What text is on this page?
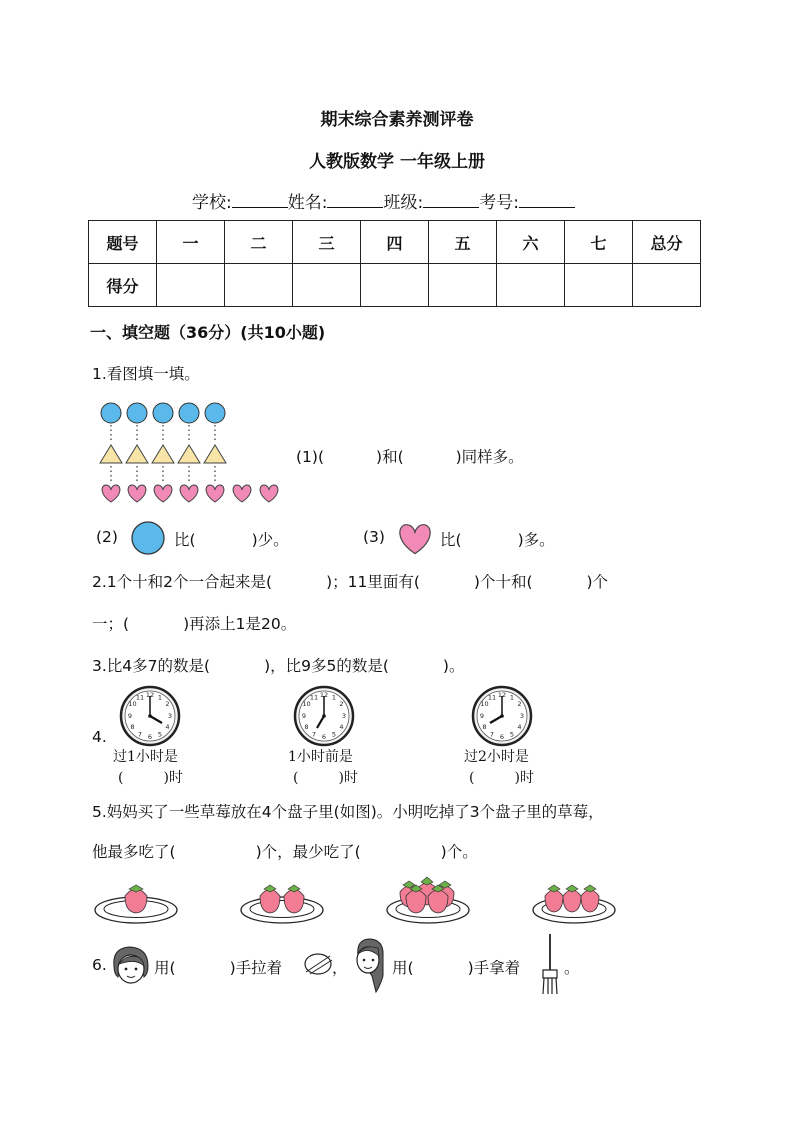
期末综合素养测评卷
人教版数学 一年级上册
学校:	姓名:	班级:	考号:
题号	一	二	三	四	五	六	七	总分
得分								
一、填空题（36分）(共10小题)
1.看图填一填。
(1)(	)和(	)同样多。
(2)	比(	)少。	(3)	比(	)多。
2.1个十和2个一合起来是(	)；11里面有(	)个十和(	)个
一；(	)再添上1是20。
3.比4多7的数是(	)，比9多5的数是(	)。
4.
12 1
2
3
4
5
6
7
8
9
10
11	12 1
2
3
4
5
6
7
8
9
10
11	12 1
2
3
4
5
6
7
8
9
10
11
过1小时是
(	)时
1小时前是
(	)时
过2小时是
(	)时
5.妈妈买了一些草莓放在4个盘子里(如图)。小明吃掉了3个盘子里的草莓，
他最多吃了(	)个，最少吃了(	)个。
6.	用(	)手拉着	，	用(	)手拿着	。
